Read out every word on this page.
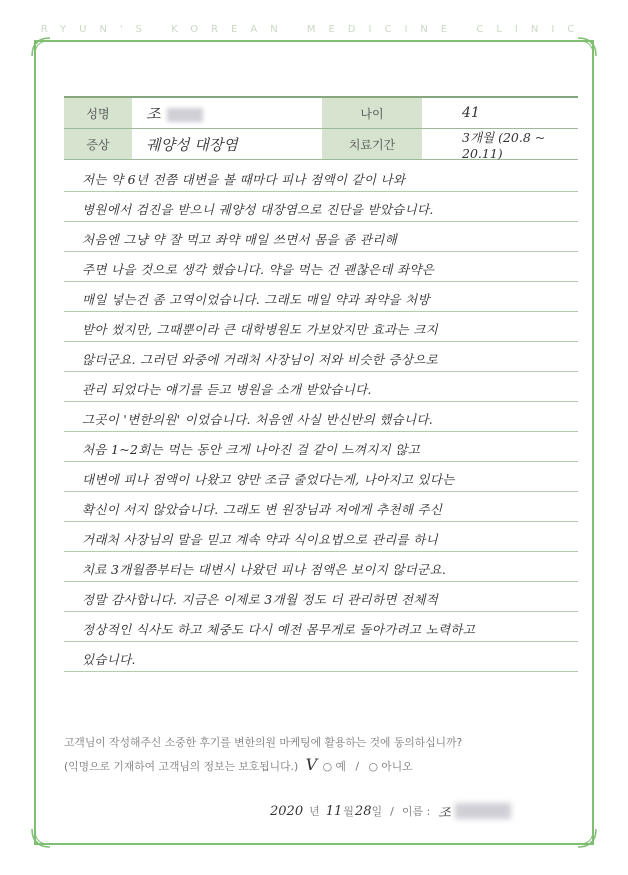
RYUN'S KOREAN MEDICINE CLINIC
성명	조	나이	41
증상	궤양성 대장염	치료기간	3개월 (20.8 ~ 20.11)
저는 약 6년 전쯤 대변을 볼 때마다 피나 점액이 같이 나와
병원에서 검진을 받으니 궤양성 대장염으로 진단을 받았습니다.
처음엔 그냥 약 잘 먹고 좌약 매일 쓰면서 몸을 좀 관리해
주면 나을 것으로 생각 했습니다. 약을 먹는 건 괜찮은데 좌약은
매일 넣는건 좀 고역이었습니다. 그래도 매일 약과 좌약을 처방
받아 썼지만, 그때뿐이라 큰 대학병원도 가보았지만 효과는 크지
않더군요. 그러던 와중에 거래처 사장님이 저와 비슷한 증상으로
관리 되었다는 얘기를 듣고 병원을 소개 받았습니다.
그곳이 '변한의원' 이었습니다. 처음엔 사실 반신반의 했습니다.
처음 1~2회는 먹는 동안 크게 나아진 걸 같이 느껴지지 않고
대변에 피나 점액이 나왔고 양만 조금 줄었다는게, 나아지고 있다는
확신이 서지 않았습니다. 그래도 변 원장님과 저에게 추천해 주신
거래처 사장님의 말을 믿고 계속 약과 식이요법으로 관리를 하니
치료 3개월쯤부터는 대변시 나왔던 피나 점액은 보이지 않더군요.
정말 감사합니다. 지금은 이제로 3개월 정도 더 관리하면 전체적
정상적인 식사도 하고 체중도 다시 예전 몸무게로 돌아가려고 노력하고
있습니다.
고객님이 작성해주신 소중한 후기를 변한의원 마케팅에 활용하는 것에 동의하십니까?
(익명으로 기재하여 고객님의 정보는 보호됩니다.) V ○ 예 / ○ 아니오
2020 년 11 월 28 일 / 이름 : 조
